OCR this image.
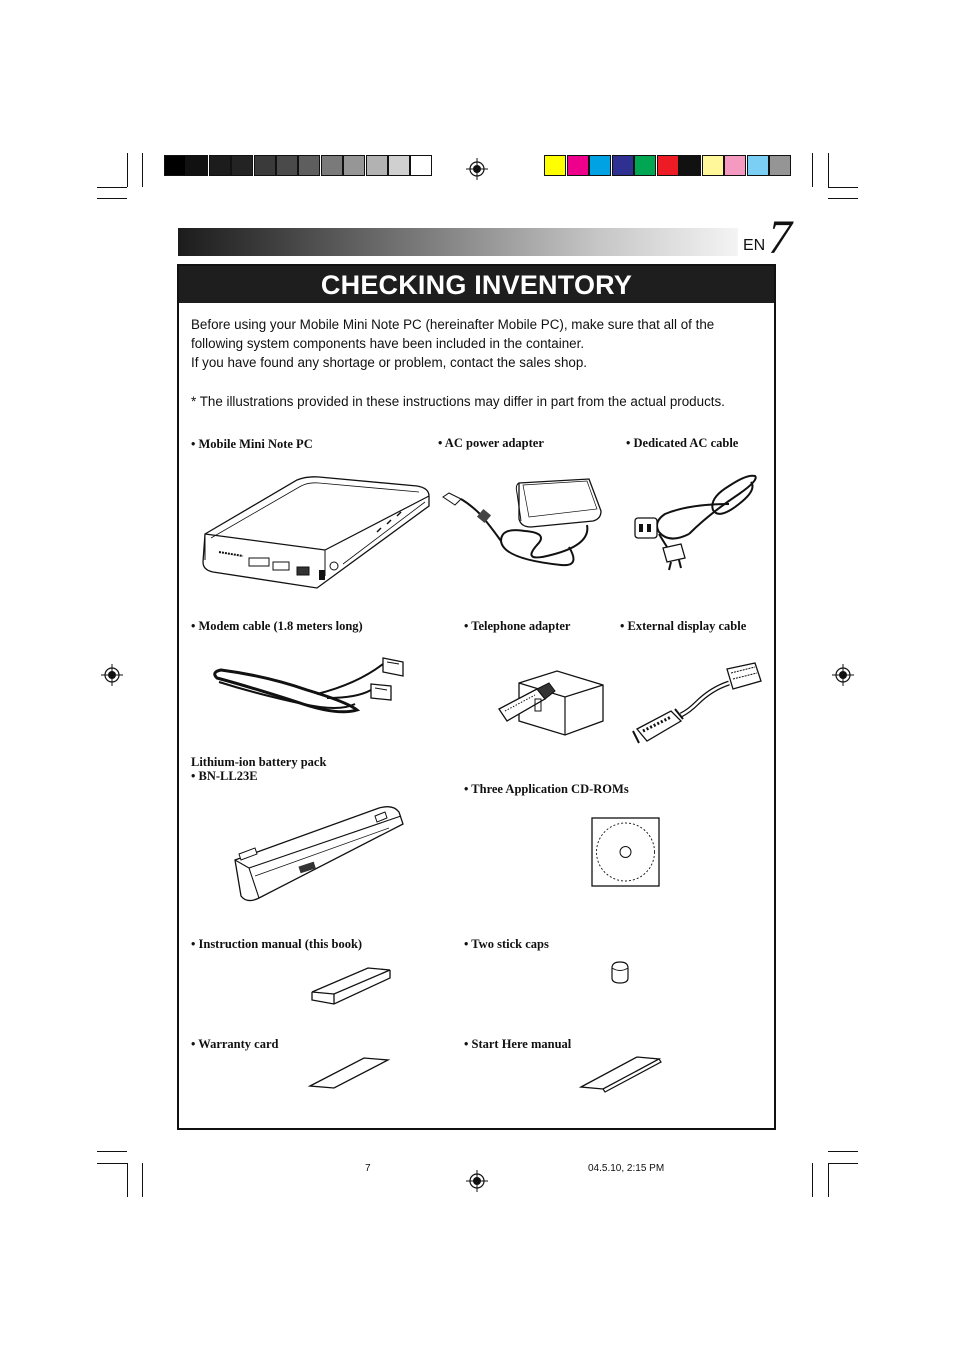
EN 7
CHECKING INVENTORY
Before using your Mobile Mini Note PC (hereinafter Mobile PC), make sure that all of the following system components have been included in the container.
If you have found any shortage or problem, contact the sales shop.
* The illustrations provided in these instructions may differ in part from the actual products.
• Mobile Mini Note PC	• AC power adapter	• Dedicated AC cable
• Modem cable (1.8 meters long)	• Telephone adapter	• External display cable
Lithium-ion battery pack
• BN-LL23E
• Three Application CD-ROMs
• Instruction manual (this book)	• Two stick caps
• Warranty card	• Start Here manual
7	04.5.10, 2:15 PM
